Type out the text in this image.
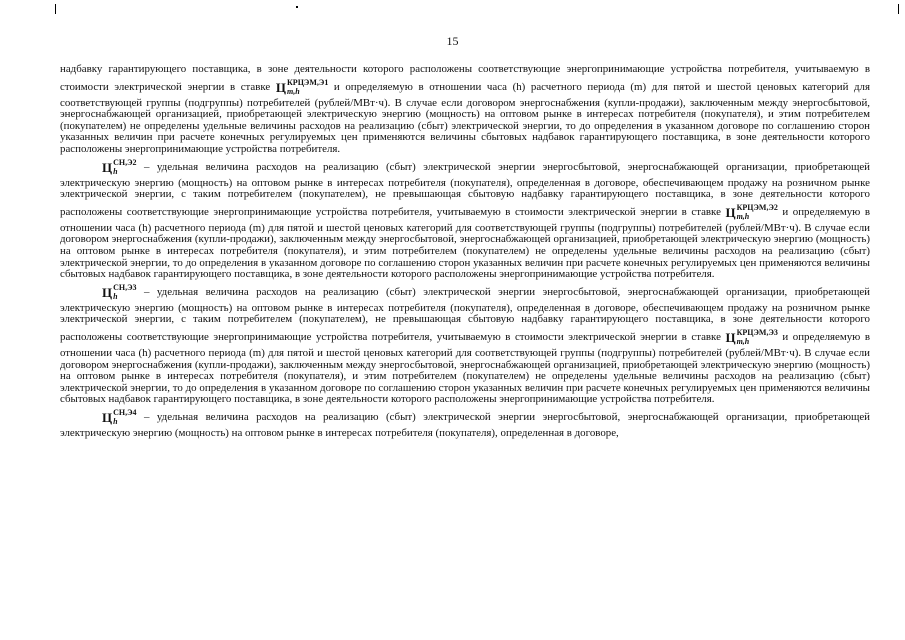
15

надбавку гарантирующего поставщика, в зоне деятельности которого расположены соответствующие энергопринимающие устройства потребителя, учитываемую в стоимости электрической энергии в ставке Ц КРЦЭМ,Э1
m,h	и определяемую в отношении часа (h) расчетного периода (m) для пятой и шестой ценовых категорий для соответствующей группы (подгруппы) потребителей (рублей/МВт·ч). В случае если договором энергоснабжения (купли-продажи), заключенным между энергосбытовой, энергоснабжающей организацией, приобретающей электрическую энергию (мощность) на оптовом рынке в интересах потребителя (покупателя), и этим потребителем (покупателем) не определены удельные величины расходов на реализацию (сбыт) электрической энергии, то до определения в указанном договоре по соглашению сторон указанных величин при расчете конечных регулируемых цен применяются величины сбытовых надбавок гарантирующего поставщика, в зоне деятельности которого расположены энергопринимающие устройства потребителя.

Ц СН,Э2
h	– удельная величина расходов на реализацию (сбыт) электрической энергии энергосбытовой, энергоснабжающей организации, приобретающей электрическую энергию (мощность) на оптовом рынке в интересах потребителя (покупателя), определенная в договоре, обеспечивающем продажу на розничном рынке электрической энергии, с таким потребителем (покупателем), не превышающая сбытовую надбавку гарантирующего поставщика, в зоне деятельности которого расположены соответствующие энергопринимающие устройства потребителя, учитываемую в стоимости электрической энергии в ставке Ц КРЦЭМ,Э2
m,h	и определяемую в отношении часа (h) расчетного периода (m) для пятой и шестой ценовых категорий для соответствующей группы (подгруппы) потребителей (рублей/МВт·ч). В случае если договором энергоснабжения (купли-продажи), заключенным между энергосбытовой, энергоснабжающей организацией, приобретающей электрическую энергию (мощность) на оптовом рынке в интересах потребителя (покупателя), и этим потребителем (покупателем) не определены удельные величины расходов на реализацию (сбыт) электрической энергии, то до определения в указанном договоре по соглашению сторон указанных величин при расчете конечных регулируемых цен применяются величины сбытовых надбавок гарантирующего поставщика, в зоне деятельности которого расположены энергопринимающие устройства потребителя.

Ц СН,Э3
h	– удельная величина расходов на реализацию (сбыт) электрической энергии энергосбытовой, энергоснабжающей организации, приобретающей электрическую энергию (мощность) на оптовом рынке в интересах потребителя (покупателя), определенная в договоре, обеспечивающем продажу на розничном рынке электрической энергии, с таким потребителем (покупателем), не превышающая сбытовую надбавку гарантирующего поставщика, в зоне деятельности которого расположены соответствующие энергопринимающие устройства потребителя, учитываемую в стоимости электрической энергии в ставке Ц КРЦЭМ,Э3
m,h	и определяемую в отношении часа (h) расчетного периода (m) для пятой и шестой ценовых категорий для соответствующей группы (подгруппы) потребителей (рублей/МВт·ч). В случае если договором энергоснабжения (купли-продажи), заключенным между энергосбытовой, энергоснабжающей организацией, приобретающей электрическую энергию (мощность) на оптовом рынке в интересах потребителя (покупателя), и этим потребителем (покупателем) не определены удельные величины расходов на реализацию (сбыт) электрической энергии, то до определения в указанном договоре по соглашению сторон указанных величин при расчете конечных регулируемых цен применяются величины сбытовых надбавок гарантирующего поставщика, в зоне деятельности которого расположены энергопринимающие устройства потребителя.

Ц СН,Э4
h	– удельная величина расходов на реализацию (сбыт) электрической энергии энергосбытовой, энергоснабжающей организации, приобретающей электрическую энергию (мощность) на оптовом рынке в интересах потребителя (покупателя), определенная в договоре,
